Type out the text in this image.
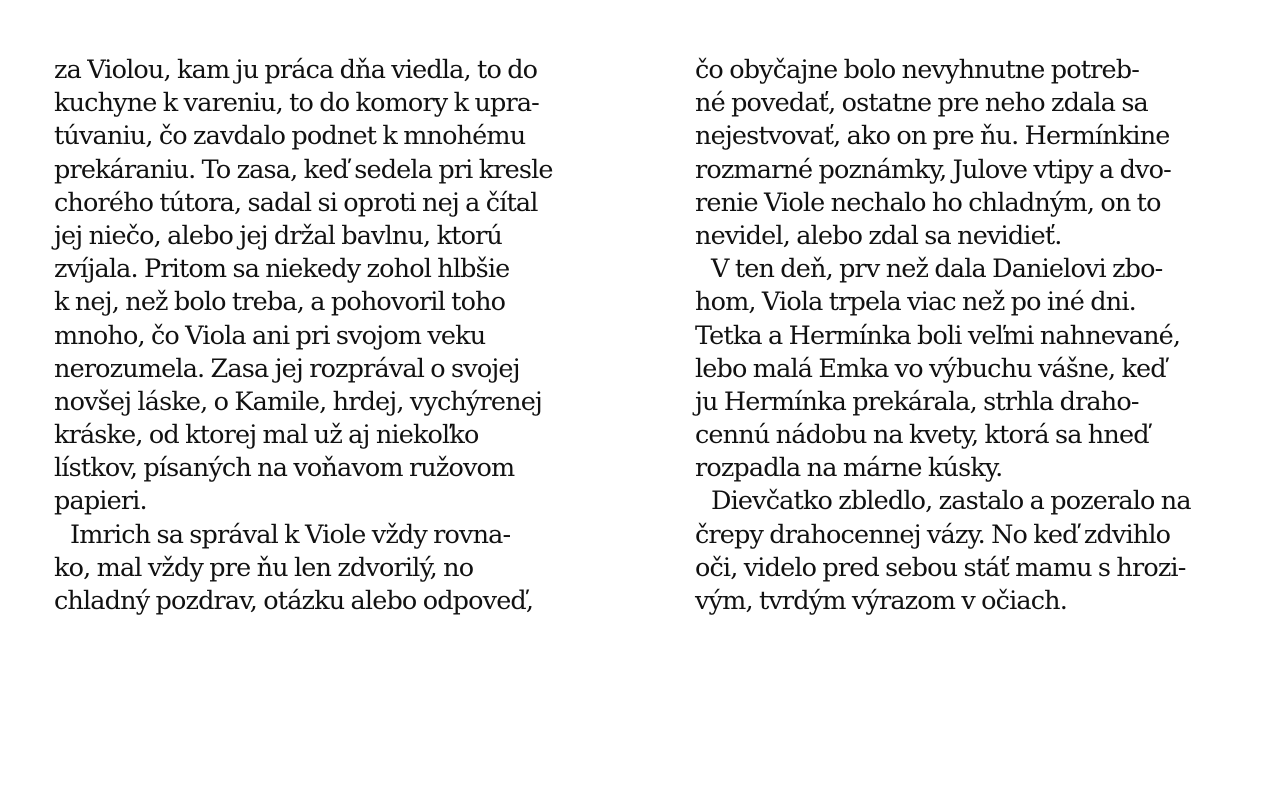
za Violou, kam ju práca dňa viedla, to do
kuchyne k vareniu, to do komory k upra-
túvaniu, čo zavdalo podnet k mnohému
prekáraniu. To zasa, keď sedela pri kresle
chorého tútora, sadal si oproti nej a čítal
jej niečo, alebo jej držal bavlnu, ktorú
zvíjala. Pritom sa niekedy zohol hlbšie
k nej, než bolo treba, a pohovoril toho
mnoho, čo Viola ani pri svojom veku
nerozumela. Zasa jej rozprával o svojej
novšej láske, o Kamile, hrdej, vychýrenej
kráske, od ktorej mal už aj niekoľko
lístkov, písaných na voňavom ružovom
papieri.
Imrich sa správal k Viole vždy rovna-
ko, mal vždy pre ňu len zdvorilý, no
chladný pozdrav, otázku alebo odpoveď,
čo obyčajne bolo nevyhnutne potreb-
né povedať, ostatne pre neho zdala sa
nejestvovať, ako on pre ňu. Hermínkine
rozmarné poznámky, Julove vtipy a dvo-
renie Viole nechalo ho chladným, on to
nevidel, alebo zdal sa nevidieť.
V ten deň, prv než dala Danielovi zbo-
hom, Viola trpela viac než po iné dni.
Tetka a Hermínka boli veľmi nahnevané,
lebo malá Emka vo výbuchu vášne, keď
ju Hermínka prekárala, strhla draho-
cennú nádobu na kvety, ktorá sa hneď
rozpadla na márne kúsky.
Dievčatko zbledlo, zastalo a pozeralo na
črepy drahocennej vázy. No keď zdvihlo
oči, videlo pred sebou stáť mamu s hrozi-
vým, tvrdým výrazom v očiach.
